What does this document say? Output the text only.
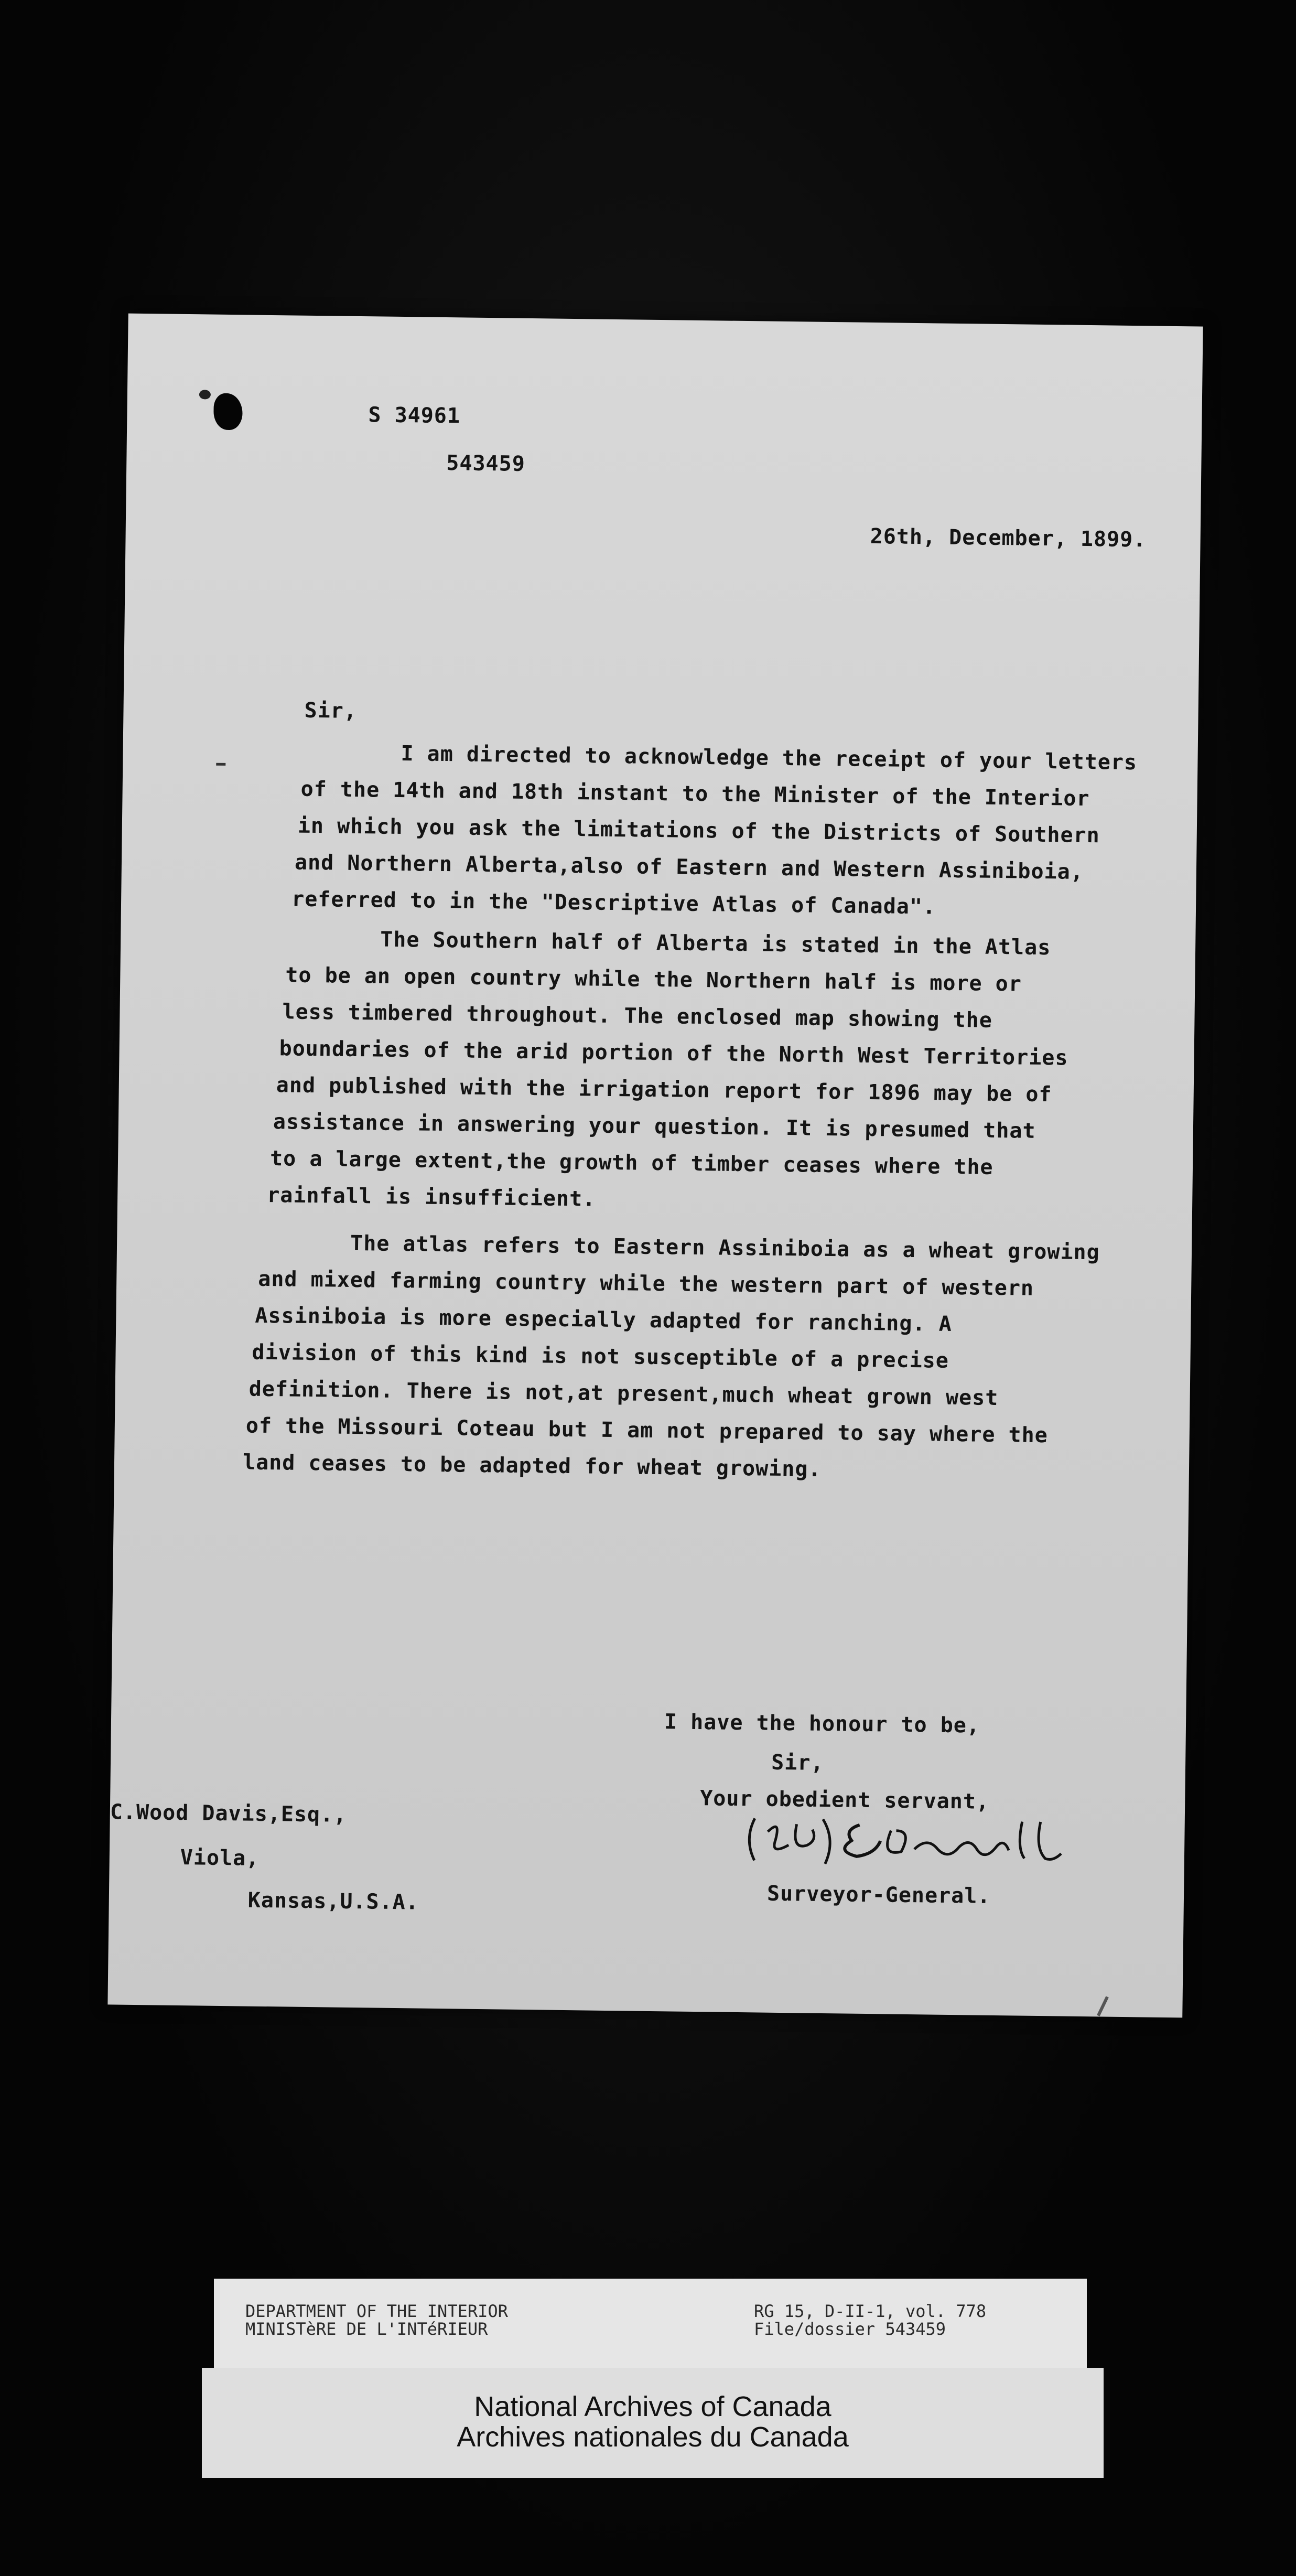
S 34961
543459
26th, December, 1899.
Sir,
I am directed to acknowledge the receipt of your letters
of the 14th and 18th instant to the Minister of the Interior
in which you ask the limitations of the Districts of Southern
and Northern Alberta,also of Eastern and Western Assiniboia,
referred to in the "Descriptive Atlas of Canada".
The Southern half of Alberta is stated in the Atlas
to be an open country while the Northern half is more or
less timbered throughout. The enclosed map showing the
boundaries of the arid portion of the North West Territories
and published with the irrigation report for 1896 may be of
assistance in answering your question. It is presumed that
to a large extent,the growth of timber ceases where the
rainfall is insufficient.
The atlas refers to Eastern Assiniboia as a wheat growing
and mixed farming country while the western part of western
Assiniboia is more especially adapted for ranching. A
division of this kind is not susceptible of a precise
definition. There is not,at present,much wheat grown west
of the Missouri Coteau but I am not prepared to say where the
land ceases to be adapted for wheat growing.
I have the honour to be,
Sir,
Your obedient servant,
C.Wood Davis,Esq.,
Viola,
Kansas,U.S.A.	Surveyor-General.
DEPARTMENT OF THE INTERIOR
MINISTèRE DE L'INTéRIEUR
RG 15, D-II-1, vol. 778
File/dossier 543459
National Archives of Canada
Archives nationales du Canada
